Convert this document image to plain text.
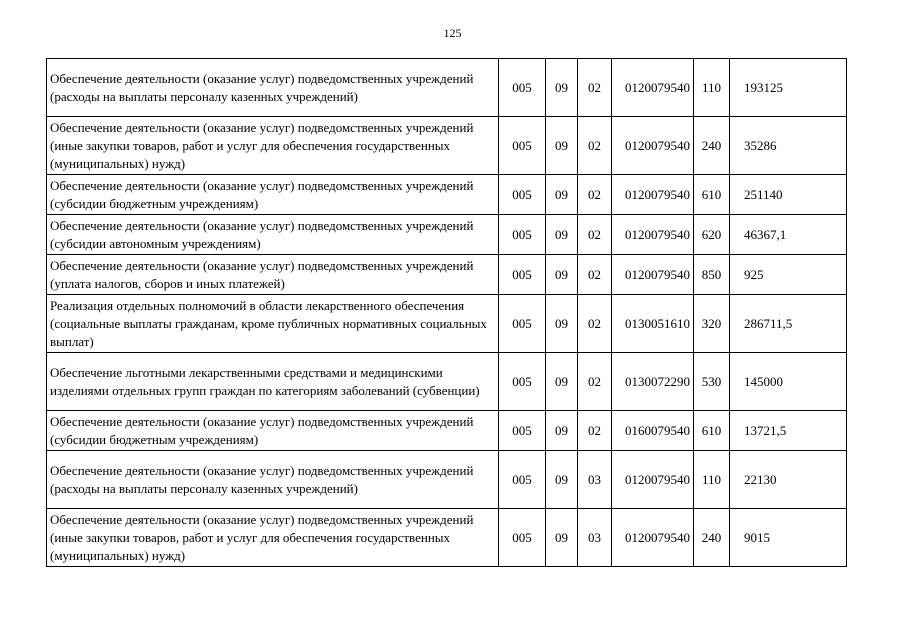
125
Обеспечение деятельности (оказание услуг) подведомственных учреждений (расходы на выплаты персоналу казенных учреждений)	005	09	02	0120079540	110	193125
Обеспечение деятельности (оказание услуг) подведомственных учреждений (иные закупки товаров, работ и услуг для обеспечения государственных (муниципальных) нужд)	005	09	02	0120079540	240	35286
Обеспечение деятельности (оказание услуг) подведомственных учреждений (субсидии бюджетным учреждениям)	005	09	02	0120079540	610	251140
Обеспечение деятельности (оказание услуг) подведомственных учреждений (субсидии автономным учреждениям)	005	09	02	0120079540	620	46367,1
Обеспечение деятельности (оказание услуг) подведомственных учреждений (уплата налогов, сборов и иных платежей)	005	09	02	0120079540	850	925
Реализация отдельных полномочий в области лекарственного обеспечения (социальные выплаты гражданам, кроме публичных нормативных социальных выплат)	005	09	02	0130051610	320	286711,5
Обеспечение льготными лекарственными средствами и медицинскими изделиями отдельных групп граждан по категориям заболеваний (субвенции)	005	09	02	0130072290	530	145000
Обеспечение деятельности (оказание услуг) подведомственных учреждений (субсидии бюджетным учреждениям)	005	09	02	0160079540	610	13721,5
Обеспечение деятельности (оказание услуг) подведомственных учреждений (расходы на выплаты персоналу казенных учреждений)	005	09	03	0120079540	110	22130
Обеспечение деятельности (оказание услуг) подведомственных учреждений (иные закупки товаров, работ и услуг для обеспечения государственных (муниципальных) нужд)	005	09	03	0120079540	240	9015
